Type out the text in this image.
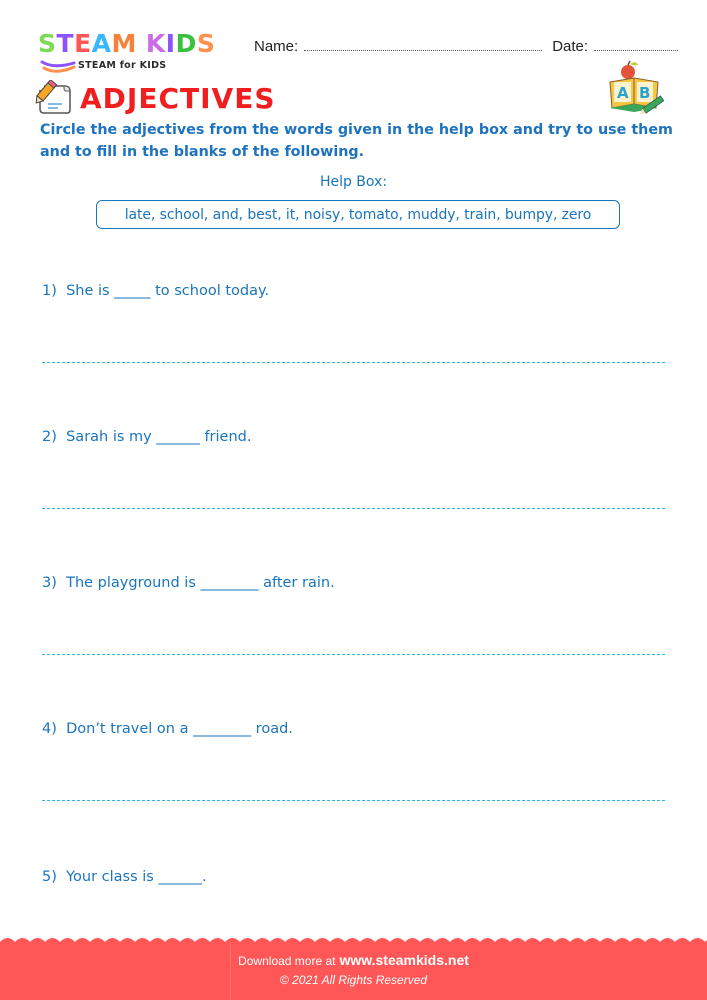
STEAM KIDS
STEAM for KIDS
Name:	Date:
ADJECTIVES	A B
Circle the adjectives from the words given in the help box and try to use them and to fill in the blanks of the following.
Help Box:
late, school, and, best, it, noisy, tomato, muddy, train, bumpy, zero
1)  She is _____ to school today.
2)  Sarah is my ______ friend.
3)  The playground is ________ after rain.
4)  Don’t travel on a ________ road.
5)  Your class is ______.
Download more at www.steamkids.net
© 2021 All Rights Reserved
